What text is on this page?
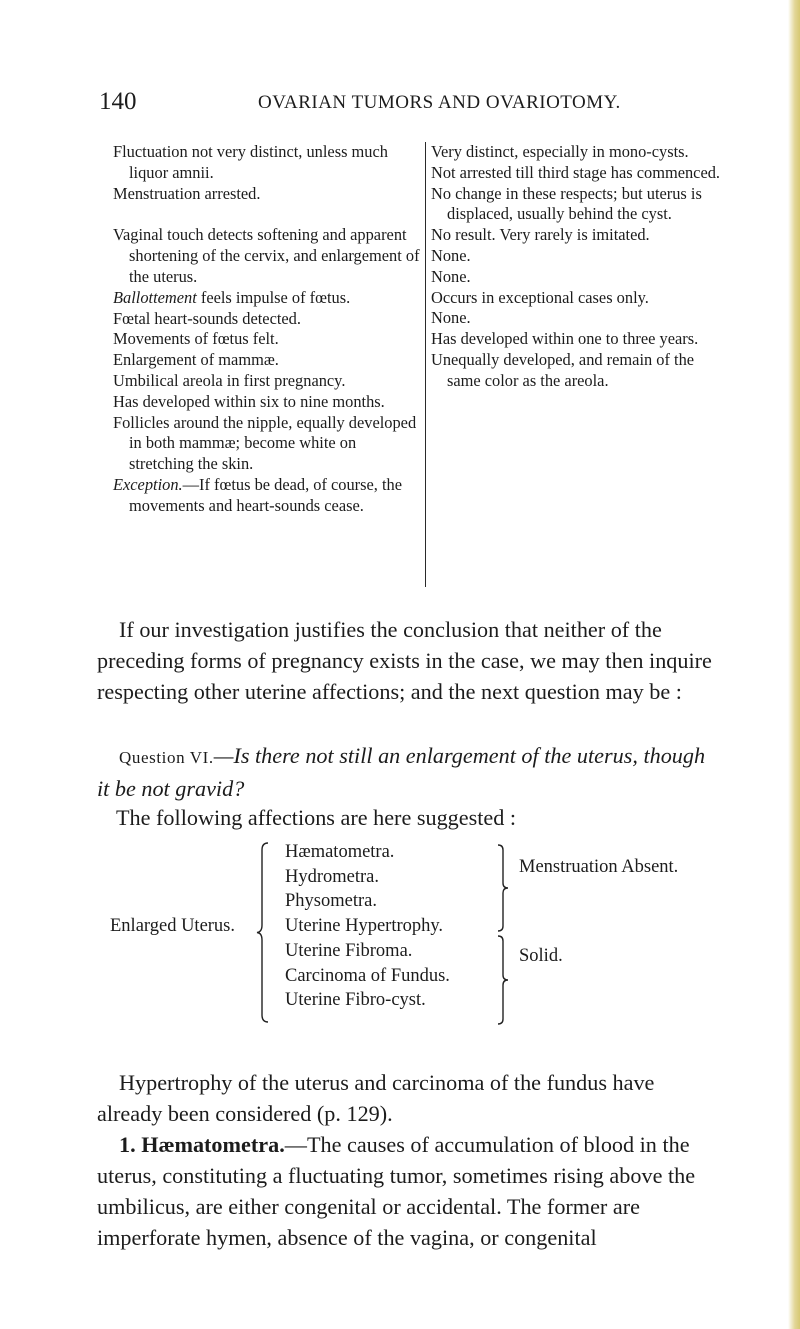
140	OVARIAN TUMORS AND OVARIOTOMY.
Fluctuation not very distinct, unless much liquor amnii.
Menstruation arrested.
Vaginal touch detects softening and apparent shortening of the cervix, and enlargement of the uterus.
Ballottement feels impulse of fœtus.
Fœtal heart-sounds detected.
Movements of fœtus felt.
Enlargement of mammæ.
Umbilical areola in first pregnancy.
Has developed within six to nine months.
Follicles around the nipple, equally developed in both mammæ; become white on stretching the skin.
Exception.—If fœtus be dead, of course, the movements and heart-sounds cease.
Very distinct, especially in mono-cysts.
Not arrested till third stage has commenced.
No change in these respects; but uterus is displaced, usually behind the cyst.
No result. Very rarely is imitated.
None.
None.
Occurs in exceptional cases only.
None.
Has developed within one to three years.
Unequally developed, and remain of the same color as the areola.
If our investigation justifies the conclusion that neither of the preceding forms of pregnancy exists in the case, we may then inquire respecting other uterine affections; and the next question may be :
Question VI.—Is there not still an enlargement of the uterus, though it be not gravid?
The following affections are here suggested :
Enlarged Uterus.
Hæmatometra.
Hydrometra.
Physometra.
Uterine Hypertrophy.
Uterine Fibroma.
Carcinoma of Fundus.
Uterine Fibro-cyst.
Menstruation Absent.
Solid.
Hypertrophy of the uterus and carcinoma of the fundus have already been considered (p. 129).
1. Hæmatometra.—The causes of accumulation of blood in the uterus, constituting a fluctuating tumor, sometimes rising above the umbilicus, are either congenital or accidental. The former are imperforate hymen, absence of the vagina, or congenital
